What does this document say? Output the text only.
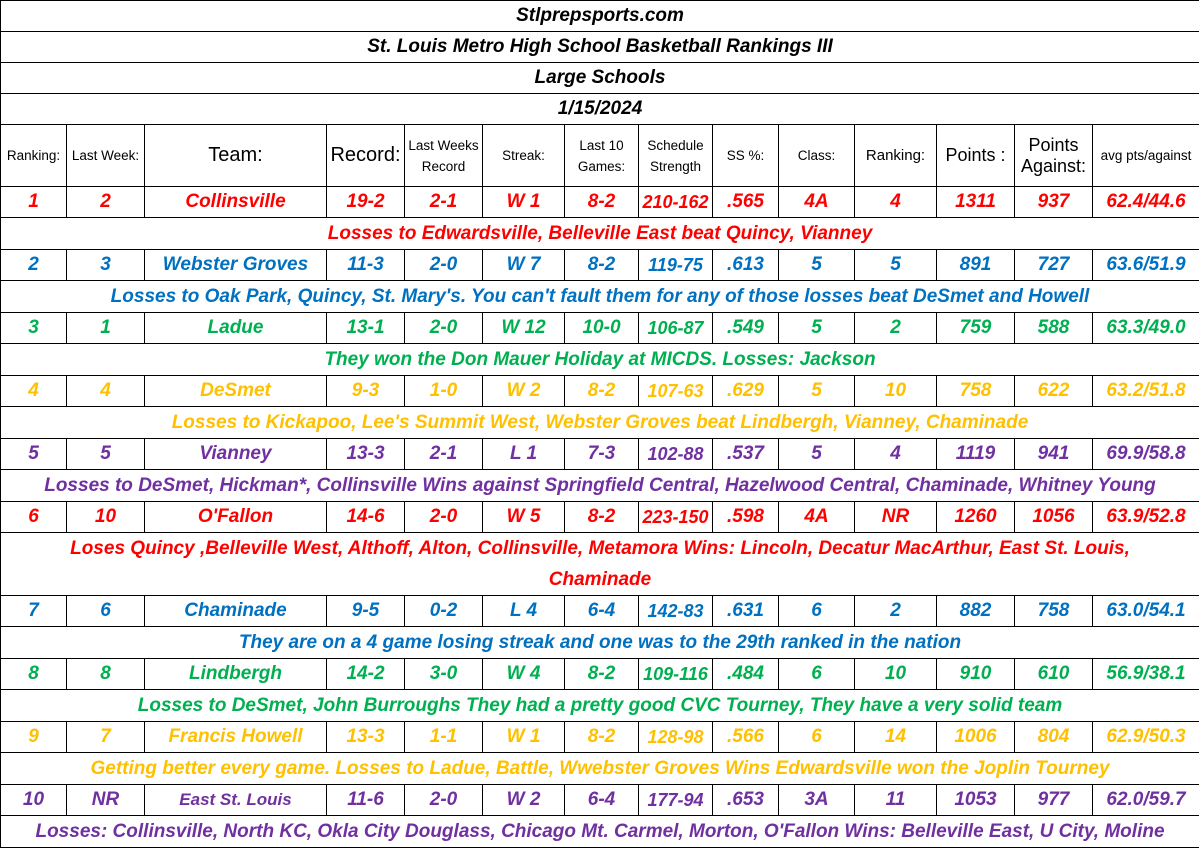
Stlprepsports.com													
St. Louis Metro High School Basketball Rankings III													
Large Schools													
1/15/2024													
Ranking:	Last Week:	Team:	Record:	Last Weeks Record	Streak:	Last 10 Games:	Schedule Strength	SS %:	Class:	Ranking:	Points :	Points Against:	avg pts/against
1	2	Collinsville	19-2	2-1	W 1	8-2	210-162	.565	4A	4	1311	937	62.4/44.6
Losses to Edwardsville, Belleville East beat Quincy, Vianney													
2	3	Webster Groves	11-3	2-0	W 7	8-2	119-75	.613	5	5	891	727	63.6/51.9
Losses to Oak Park, Quincy, St. Mary's. You can't fault them for any of those losses beat DeSmet and Howell													
3	1	Ladue	13-1	2-0	W 12	10-0	106-87	.549	5	2	759	588	63.3/49.0
They won the Don Mauer Holiday at MICDS. Losses: Jackson													
4	4	DeSmet	9-3	1-0	W 2	8-2	107-63	.629	5	10	758	622	63.2/51.8
Losses to Kickapoo, Lee's Summit West, Webster Groves beat Lindbergh, Vianney, Chaminade													
5	5	Vianney	13-3	2-1	L 1	7-3	102-88	.537	5	4	1119	941	69.9/58.8
Losses to DeSmet, Hickman*, Collinsville Wins against Springfield Central, Hazelwood Central, Chaminade, Whitney Young													
6	10	O'Fallon	14-6	2-0	W 5	8-2	223-150	.598	4A	NR	1260	1056	63.9/52.8
Loses Quincy ,Belleville West, Althoff, Alton, Collinsville, Metamora Wins: Lincoln, Decatur MacArthur, East St. Louis, Chaminade													
7	6	Chaminade	9-5	0-2	L 4	6-4	142-83	.631	6	2	882	758	63.0/54.1
They are on a 4 game losing streak and one was to the 29th ranked in the nation													
8	8	Lindbergh	14-2	3-0	W 4	8-2	109-116	.484	6	10	910	610	56.9/38.1
Losses to DeSmet, John Burroughs They had a pretty good CVC Tourney, They have a very solid team													
9	7	Francis Howell	13-3	1-1	W 1	8-2	128-98	.566	6	14	1006	804	62.9/50.3
Getting better every game. Losses to Ladue, Battle, Wwebster Groves Wins Edwardsville won the Joplin Tourney													
10	NR	East St. Louis	11-6	2-0	W 2	6-4	177-94	.653	3A	11	1053	977	62.0/59.7
Losses: Collinsville, North KC, Okla City Douglass, Chicago Mt. Carmel, Morton, O'Fallon Wins: Belleville East, U City, Moline													
